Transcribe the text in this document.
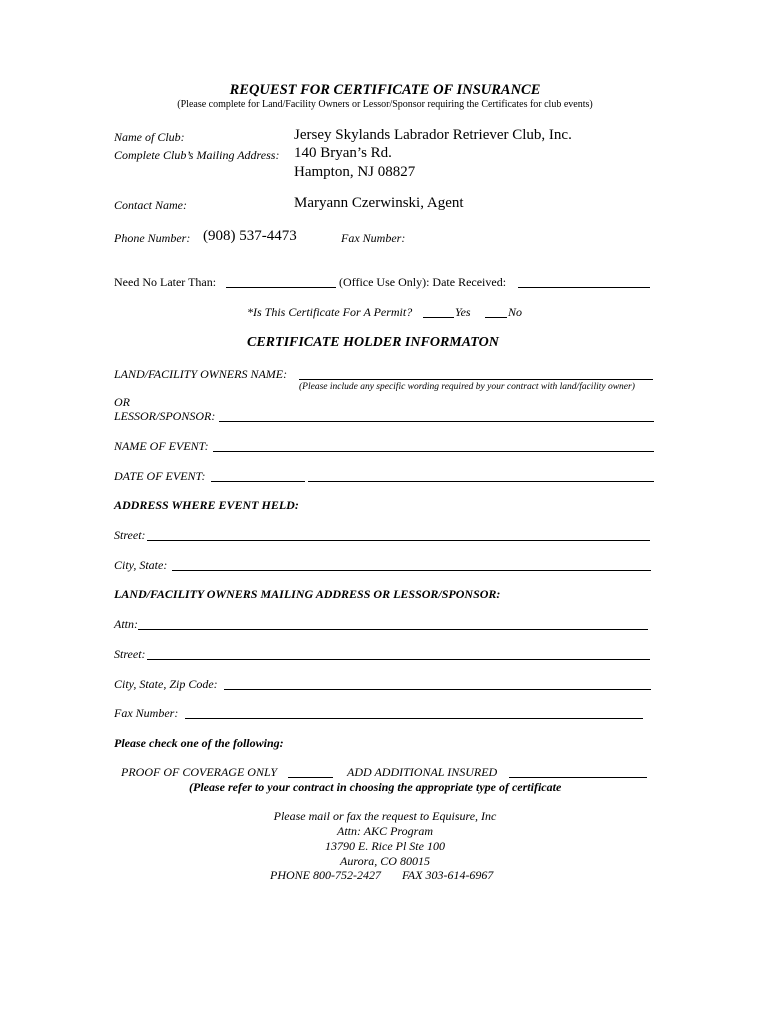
REQUEST FOR CERTIFICATE OF INSURANCE
(Please complete for Land/Facility Owners or Lessor/Sponsor requiring the Certificates for club events)
Name of Club:	Jersey Skylands Labrador Retriever Club, Inc.
Complete Club’s Mailing Address: 140 Bryan’s Rd.
Hampton, NJ 08827
Contact Name:	Maryann Czerwinski, Agent
Phone Number: (908) 537-4473	Fax Number:
Need No Later Than:	(Office Use Only): Date Received:
*Is This Certificate For A Permit?	Yes	No
CERTIFICATE HOLDER INFORMATON
LAND/FACILITY OWNERS NAME:
(Please include any specific wording required by your contract with land/facility owner)
OR
LESSOR/SPONSOR:
NAME OF EVENT:
DATE OF EVENT:
ADDRESS WHERE EVENT HELD:
Street:
City, State:
LAND/FACILITY OWNERS MAILING ADDRESS OR LESSOR/SPONSOR:
Attn:
Street:
City, State, Zip Code:
Fax Number:
Please check one of the following:
PROOF OF COVERAGE ONLY	ADD ADDITIONAL INSURED
(Please refer to your contract in choosing the appropriate type of certificate
Please mail or fax the request to Equisure, Inc
Attn: AKC Program
13790 E. Rice Pl Ste 100
Aurora, CO 80015
PHONE 800-752-2427 FAX 303-614-6967
